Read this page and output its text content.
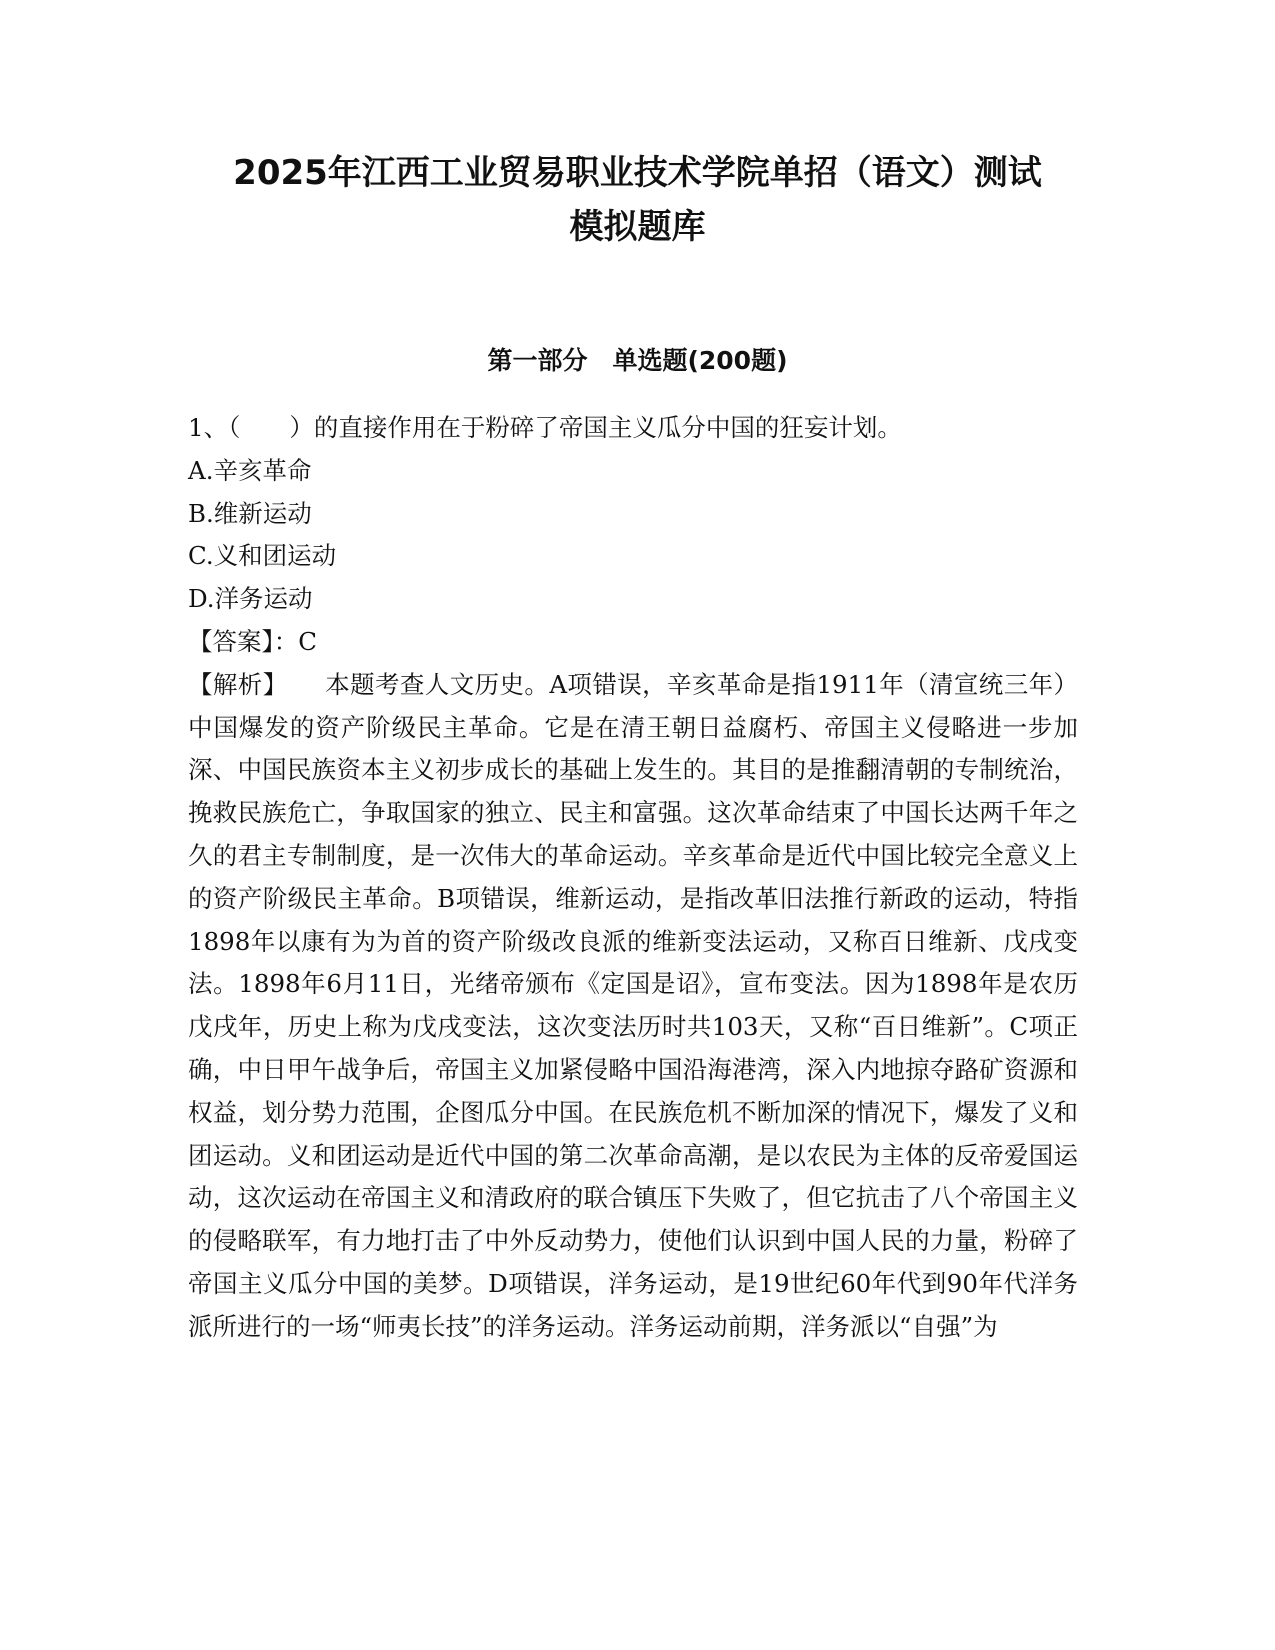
2025年江西工业贸易职业技术学院单招（语文）测试
模拟题库
第一部分　单选题(200题)
1、（　　）的直接作用在于粉碎了帝国主义瓜分中国的狂妄计划。
A.辛亥革命
B.维新运动
C.义和团运动
D.洋务运动
【答案】：C
【解析】　　 本题考查人文历史。A项错误，辛亥革命是指1911年（清宣统三年）中国爆发的资产阶级民主革命。它是在清王朝日益腐朽、帝国主义侵略进一步加深、中国民族资本主义初步成长的基础上发生的。其目的是推翻清朝的专制统治，挽救民族危亡，争取国家的独立、民主和富强。这次革命结束了中国长达两千年之久的君主专制制度，是一次伟大的革命运动。辛亥革命是近代中国比较完全意义上的资产阶级民主革命。B项错误，维新运动，是指改革旧法推行新政的运动，特指1898年以康有为为首的资产阶级改良派的维新变法运动，又称百日维新、戊戌变法。1898年6月11日，光绪帝颁布《定国是诏》，宣布变法。因为1898年是农历戊戌年，历史上称为戊戌变法，这次变法历时共103天，又称“百日维新”。C项正确，中日甲午战争后，帝国主义加紧侵略中国沿海港湾，深入内地掠夺路矿资源和权益，划分势力范围，企图瓜分中国。在民族危机不断加深的情况下，爆发了义和团运动。义和团运动是近代中国的第二次革命高潮，是以农民为主体的反帝爱国运动，这次运动在帝国主义和清政府的联合镇压下失败了，但它抗击了八个帝国主义的侵略联军，有力地打击了中外反动势力，使他们认识到中国人民的力量，粉碎了帝国主义瓜分中国的美梦。D项错误，洋务运动，是19世纪60年代到90年代洋务派所进行的一场“师夷长技”的洋务运动。洋务运动前期，洋务派以“自强”为
